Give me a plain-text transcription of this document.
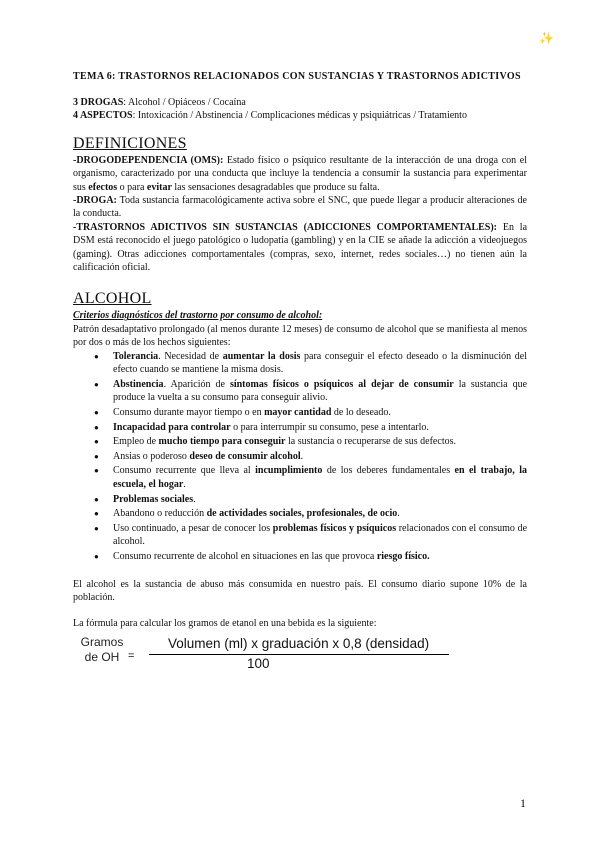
✨

TEMA 6: TRASTORNOS RELACIONADOS CON SUSTANCIAS Y TRASTORNOS ADICTIVOS

3 DROGAS: Alcohol / Opiáceos / Cocaína

4 ASPECTOS: Intoxicación / Abstinencia / Complicaciones médicas y psiquiátricas / Tratamiento

DEFINICIONES

-DROGODEPENDENCIA (OMS): Estado físico o psíquico resultante de la interacción de una droga con el organismo, caracterizado por una conducta que incluye la tendencia a consumir la sustancia para experimentar sus efectos o para evitar las sensaciones desagradables que produce su falta.

-DROGA: Toda sustancia farmacológicamente activa sobre el SNC, que puede llegar a producir alteraciones de la conducta.

-TRASTORNOS ADICTIVOS SIN SUSTANCIAS (ADICCIONES COMPORTAMENTALES): En la DSM está reconocido el juego patológico o ludopatía (gambling) y en la CIE se añade la adicción a videojuegos (gaming). Otras adicciones comportamentales (compras, sexo, internet, redes sociales…) no tienen aún la calificación oficial.

ALCOHOL

Criterios diagnósticos del trastorno por consumo de alcohol:

Patrón desadaptativo prolongado (al menos durante 12 meses) de consumo de alcohol que se manifiesta al menos por dos o más de los hechos siguientes:

● Tolerancia. Necesidad de aumentar la dosis para conseguir el efecto deseado o la disminución del efecto cuando se mantiene la misma dosis.
● Abstinencia. Aparición de síntomas físicos o psíquicos al dejar de consumir la sustancia que produce la vuelta a su consumo para conseguir alivio.
● Consumo durante mayor tiempo o en mayor cantidad de lo deseado.
● Incapacidad para controlar o para interrumpir su consumo, pese a intentarlo.
● Empleo de mucho tiempo para conseguir la sustancia o recuperarse de sus defectos.
● Ansias o poderoso deseo de consumir alcohol.
● Consumo recurrente que lleva al incumplimiento de los deberes fundamentales en el trabajo, la escuela, el hogar.
● Problemas sociales.
● Abandono o reducción de actividades sociales, profesionales, de ocio.
● Uso continuado, a pesar de conocer los problemas físicos y psíquicos relacionados con el consumo de alcohol.
● Consumo recurrente de alcohol en situaciones en las que provoca riesgo físico.

El alcohol es la sustancia de abuso más consumida en nuestro país. El consumo diario supone 10% de la población.

La fórmula para calcular los gramos de etanol en una bebida es la siguiente:

Gramos
de OH =
Volumen (ml) x graduación x 0,8 (densidad)
100
1
